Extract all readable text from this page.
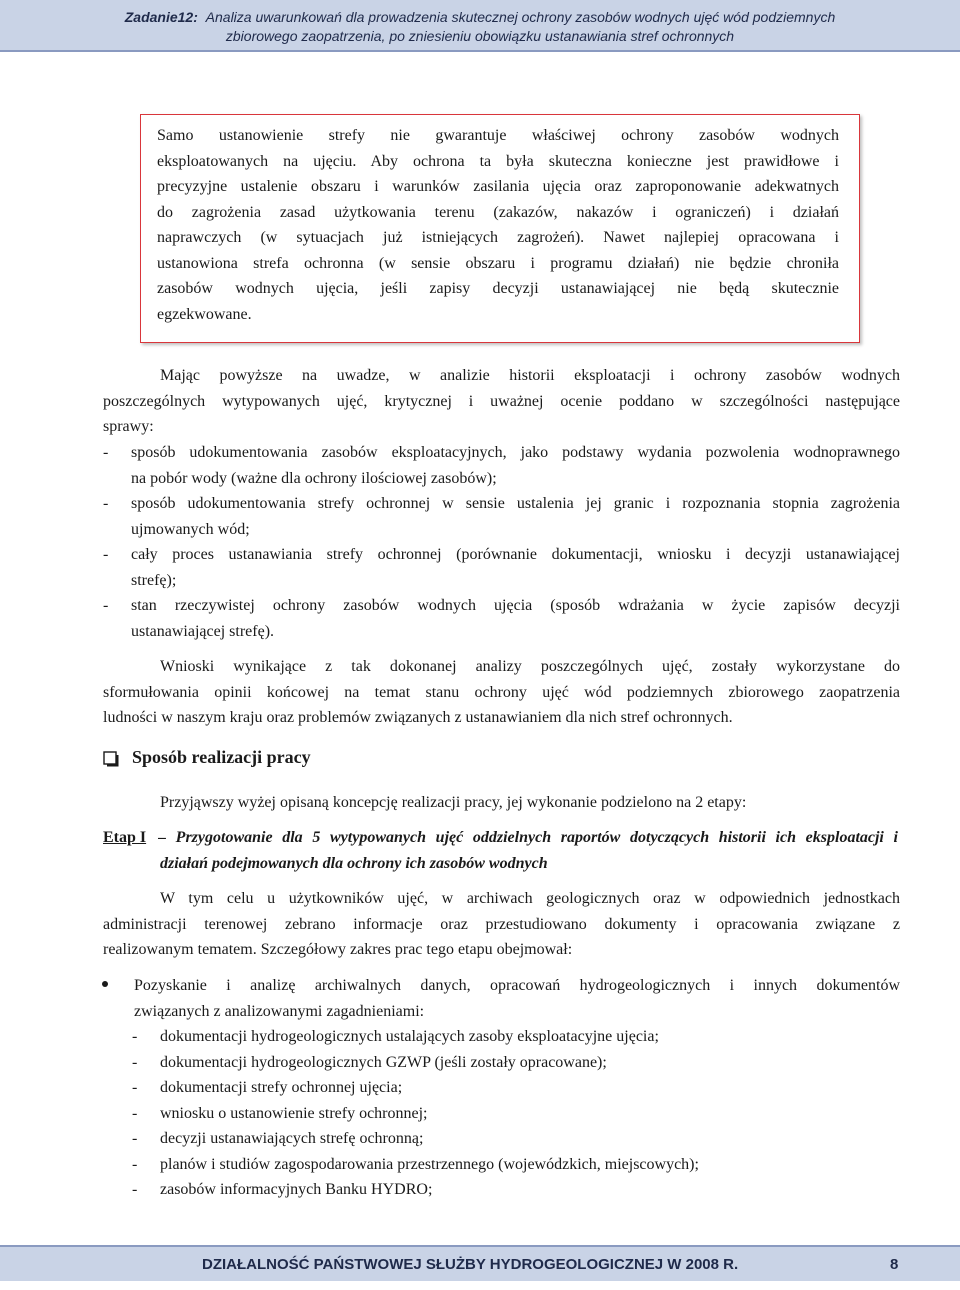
Zadanie12: Analiza uwarunkowań dla prowadzenia skutecznej ochrony zasobów wodnych ujęć wód podziemnych
zbiorowego zaopatrzenia, po zniesieniu obowiązku ustanawiania stref ochronnych
Samo ustanowienie strefy nie gwarantuje właściwej ochrony zasobów wodnych
eksploatowanych na ujęciu. Aby ochrona ta była skuteczna konieczne jest prawidłowe i
precyzyjne ustalenie obszaru i warunków zasilania ujęcia oraz zaproponowanie adekwatnych
do zagrożenia zasad użytkowania terenu (zakazów, nakazów i ograniczeń) i działań
naprawczych (w sytuacjach już istniejących zagrożeń). Nawet najlepiej opracowana i
ustanowiona strefa ochronna (w sensie obszaru i programu działań) nie będzie chroniła
zasobów wodnych ujęcia, jeśli zapisy decyzji ustanawiającej nie będą skutecznie
egzekwowane.
Mając powyższe na uwadze, w analizie historii eksploatacji i ochrony zasobów wodnych
poszczególnych wytypowanych ujęć, krytycznej i uważnej ocenie poddano w szczególności następujące
sprawy:
- sposób udokumentowania zasobów eksploatacyjnych, jako podstawy wydania pozwolenia wodnoprawnego
na pobór wody (ważne dla ochrony ilościowej zasobów);
- sposób udokumentowania strefy ochronnej w sensie ustalenia jej granic i rozpoznania stopnia zagrożenia
ujmowanych wód;
- cały proces ustanawiania strefy ochronnej (porównanie dokumentacji, wniosku i decyzji ustanawiającej
strefę);
- stan rzeczywistej ochrony zasobów wodnych ujęcia (sposób wdrażania w życie zapisów decyzji
ustanawiającej strefę).
Wnioski wynikające z tak dokonanej analizy poszczególnych ujęć, zostały wykorzystane do
sformułowania opinii końcowej na temat stanu ochrony ujęć wód podziemnych zbiorowego zaopatrzenia
ludności w naszym kraju oraz problemów związanych z ustanawianiem dla nich stref ochronnych.
Sposób realizacji pracy
Przyjąwszy wyżej opisaną koncepcję realizacji pracy, jej wykonanie podzielono na 2 etapy:
Etap I – Przygotowanie dla 5 wytypowanych ujęć oddzielnych raportów dotyczących historii ich eksploatacji i
działań podejmowanych dla ochrony ich zasobów wodnych
W tym celu u użytkowników ujęć, w archiwach geologicznych oraz w odpowiednich jednostkach
administracji terenowej zebrano informacje oraz przestudiowano dokumenty i opracowania związane z
realizowanym tematem. Szczegółowy zakres prac tego etapu obejmował:
Pozyskanie i analizę archiwalnych danych, opracowań hydrogeologicznych i innych dokumentów
związanych z analizowanymi zagadnieniami:
- dokumentacji hydrogeologicznych ustalających zasoby eksploatacyjne ujęcia;
- dokumentacji hydrogeologicznych GZWP (jeśli zostały opracowane);
- dokumentacji strefy ochronnej ujęcia;
- wniosku o ustanowienie strefy ochronnej;
- decyzji ustanawiających strefę ochronną;
- planów i studiów zagospodarowania przestrzennego (wojewódzkich, miejscowych);
- zasobów informacyjnych Banku HYDRO;
DZIAŁALNOŚĆ PAŃSTWOWEJ SŁUŻBY HYDROGEOLOGICZNEJ W 2008 R.	8
